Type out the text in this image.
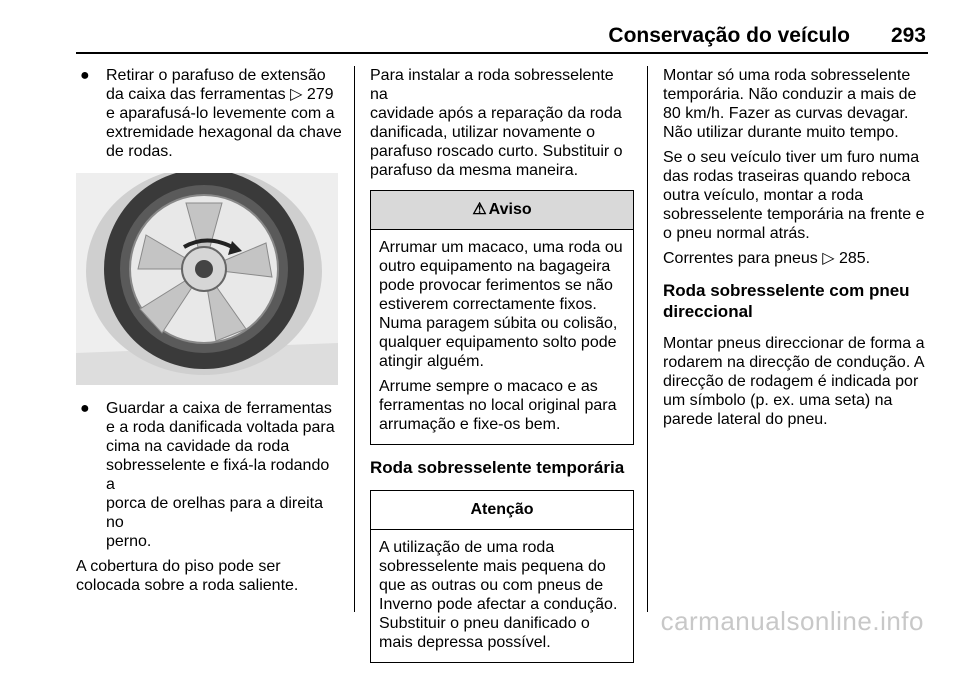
Conservação do veículo 293
● Retirar o parafuso de extensão
da caixa das ferramentas ▷ 279
e aparafusá-lo levemente com a
extremidade hexagonal da chave
de rodas.
● Guardar a caixa de ferramentas
e a roda danificada voltada para
cima na cavidade da roda
sobresselente e fixá-la rodando a
porca de orelhas para a direita no
perno.

A cobertura do piso pode ser
colocada sobre a roda saliente.

Para instalar a roda sobresselente na
cavidade após a reparação da roda
danificada, utilizar novamente o
parafuso roscado curto. Substituir o
parafuso da mesma maneira.

⚠ Aviso

Arrumar um macaco, uma roda ou
outro equipamento na bagageira
pode provocar ferimentos se não
estiverem correctamente fixos.
Numa paragem súbita ou colisão,
qualquer equipamento solto pode
atingir alguém.

Arrume sempre o macaco e as
ferramentas no local original para
arrumação e fixe-os bem.

Roda sobresselente temporária
Atenção

A utilização de uma roda
sobresselente mais pequena do
que as outras ou com pneus de
Inverno pode afectar a condução.
Substituir o pneu danificado o
mais depressa possível.

Montar só uma roda sobresselente
temporária. Não conduzir a mais de
80 km/h. Fazer as curvas devagar.
Não utilizar durante muito tempo.

Se o seu veículo tiver um furo numa
das rodas traseiras quando reboca
outra veículo, montar a roda
sobresselente temporária na frente e
o pneu normal atrás.

Correntes para pneus ▷ 285.

Roda sobresselente com pneu
direccional

Montar pneus direccionar de forma a
rodarem na direcção de condução. A
direcção de rodagem é indicada por
um símbolo (p. ex. uma seta) na
parede lateral do pneu.

carmanualsonline.info
